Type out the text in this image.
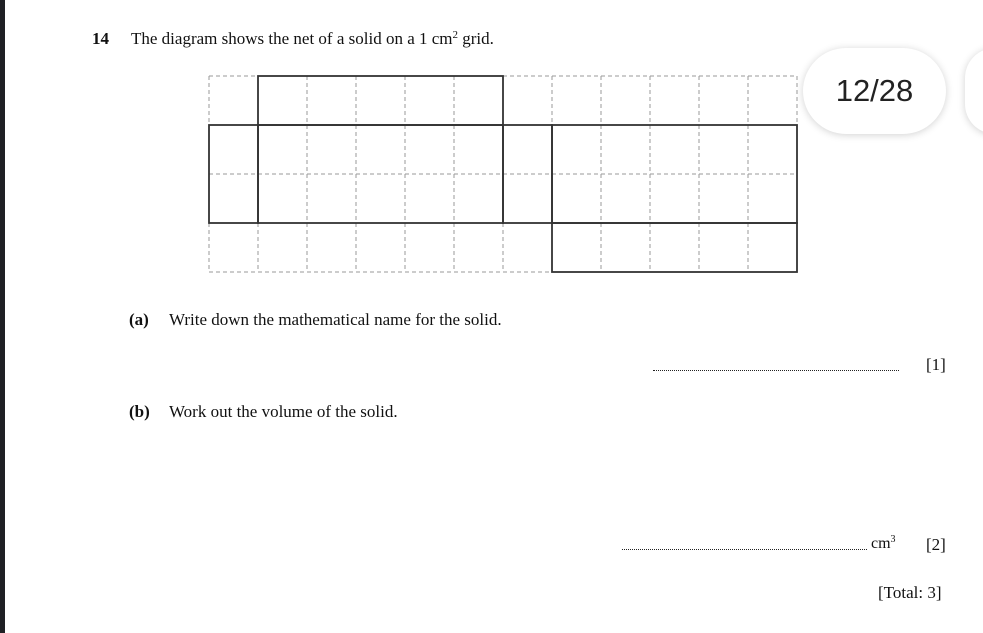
14 The diagram shows the net of a solid on a 1 $cm^2$ grid.
(a) Write down the mathematical name for the solid.
[1]
(b) Work out the volume of the solid.
$cm^3$ [2]
[Total: 3]
12/28
